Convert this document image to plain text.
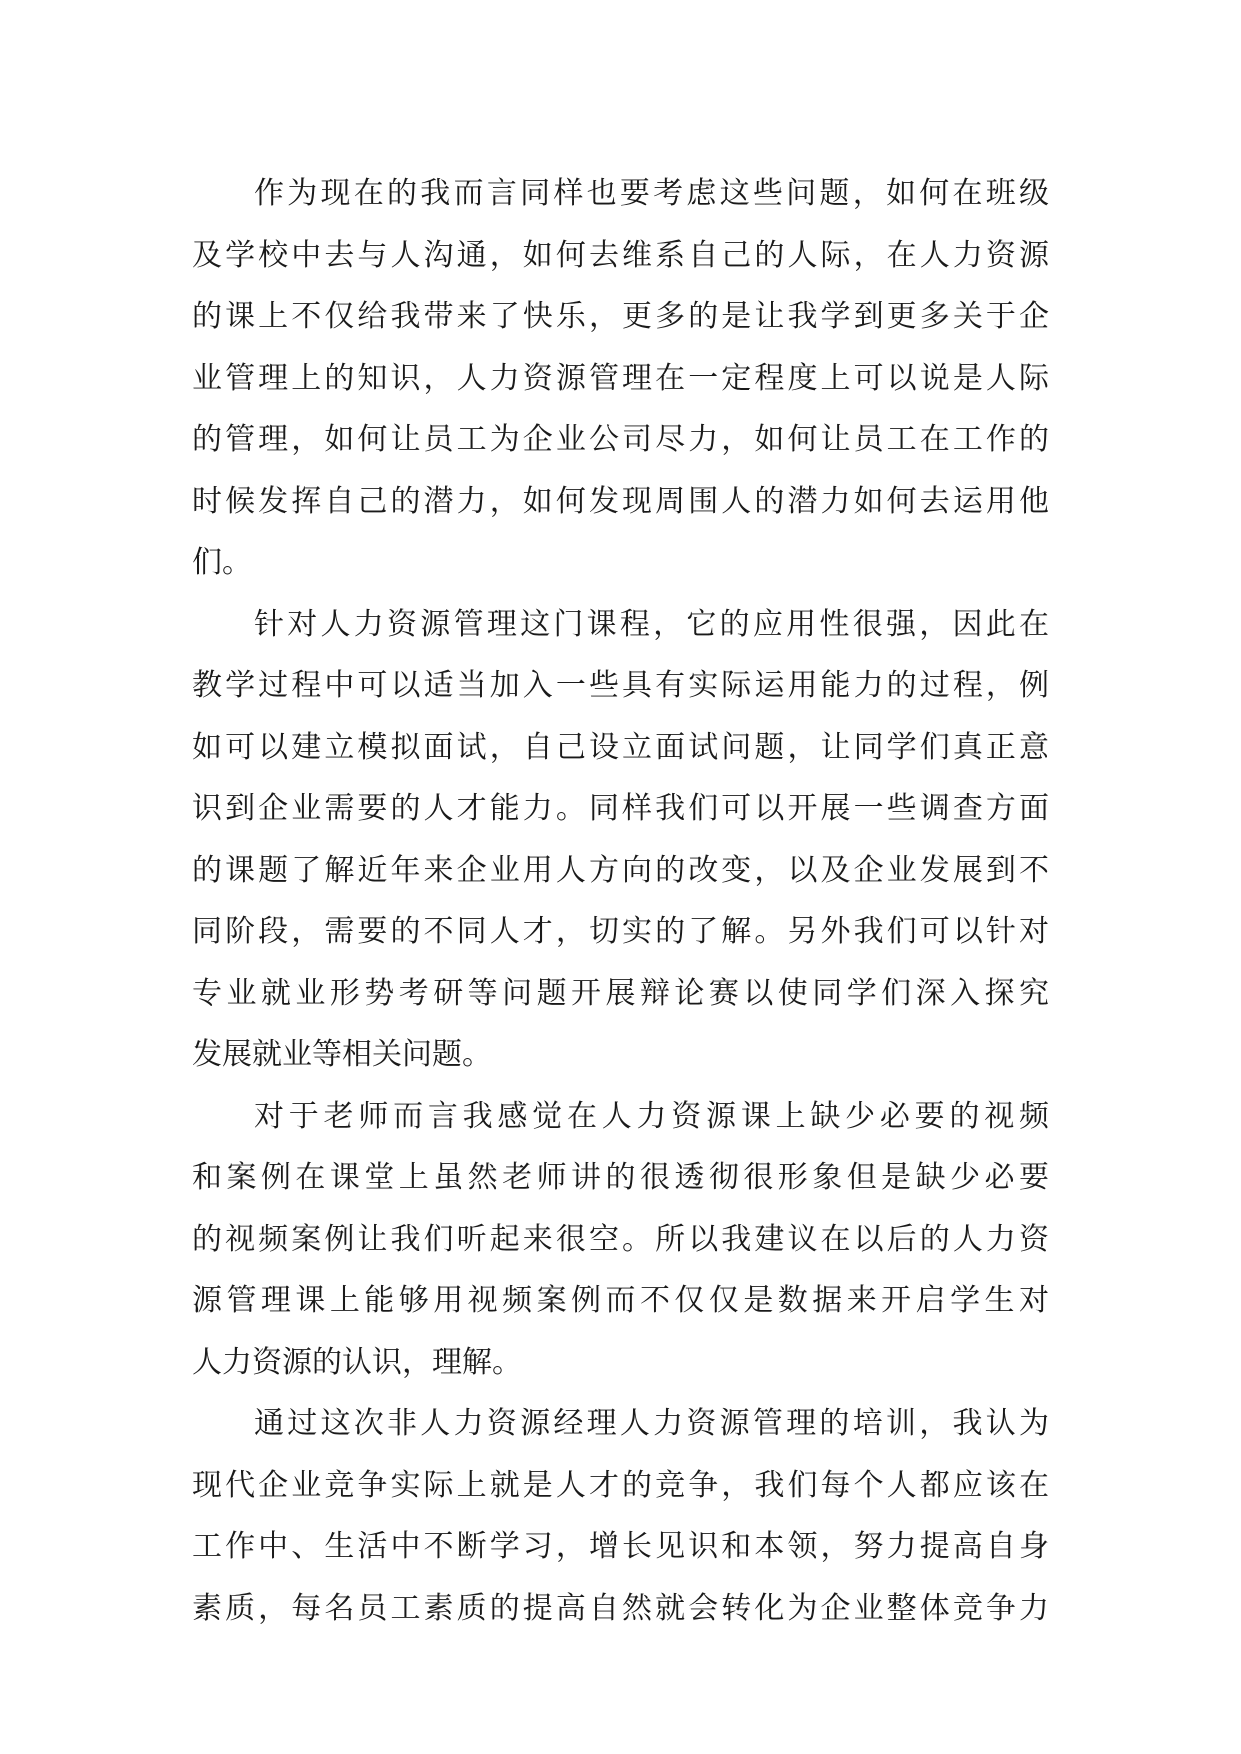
作为现在的我而言同样也要考虑这些问题，如何在班级
及学校中去与人沟通，如何去维系自己的人际，在人力资源
的课上不仅给我带来了快乐，更多的是让我学到更多关于企
业管理上的知识，人力资源管理在一定程度上可以说是人际
的管理，如何让员工为企业公司尽力，如何让员工在工作的
时候发挥自己的潜力，如何发现周围人的潜力如何去运用他
们。
针对人力资源管理这门课程，它的应用性很强，因此在
教学过程中可以适当加入一些具有实际运用能力的过程，例
如可以建立模拟面试，自己设立面试问题，让同学们真正意
识到企业需要的人才能力。同样我们可以开展一些调查方面
的课题了解近年来企业用人方向的改变，以及企业发展到不
同阶段，需要的不同人才，切实的了解。另外我们可以针对
专业就业形势考研等问题开展辩论赛以使同学们深入探究
发展就业等相关问题。
对于老师而言我感觉在人力资源课上缺少必要的视频
和案例在课堂上虽然老师讲的很透彻很形象但是缺少必要
的视频案例让我们听起来很空。所以我建议在以后的人力资
源管理课上能够用视频案例而不仅仅是数据来开启学生对
人力资源的认识，理解。
通过这次非人力资源经理人力资源管理的培训，我认为
现代企业竞争实际上就是人才的竞争，我们每个人都应该在
工作中、生活中不断学习，增长见识和本领，努力提高自身
素质，每名员工素质的提高自然就会转化为企业整体竞争力
